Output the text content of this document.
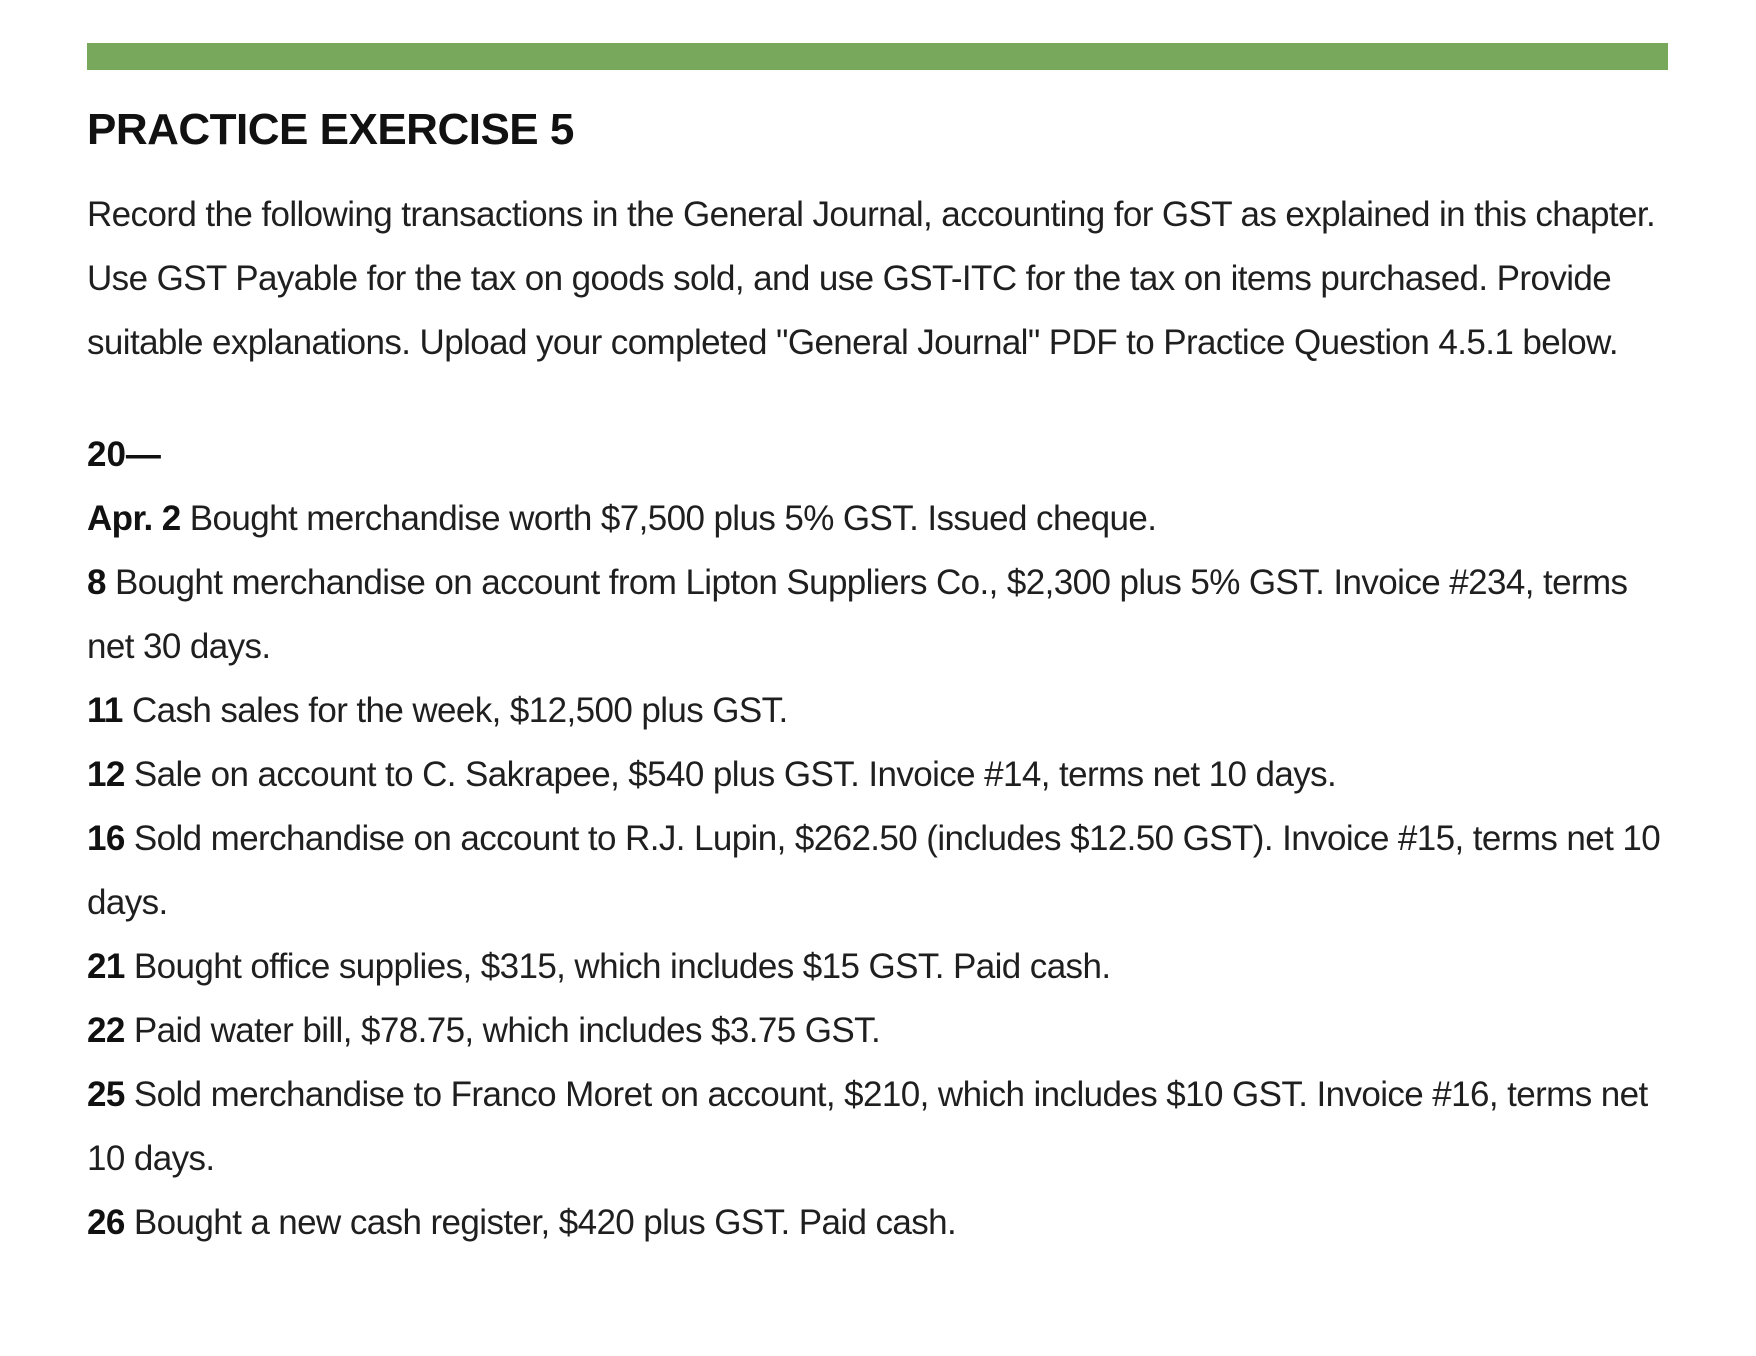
PRACTICE EXERCISE 5

Record the following transactions in the General Journal, accounting for GST as explained in this chapter. Use GST Payable for the tax on goods sold, and use GST-ITC for the tax on items purchased. Provide suitable explanations. Upload your completed "General Journal" PDF to Practice Question 4.5.1 below.

20—
Apr. 2 Bought merchandise worth $7,500 plus 5% GST. Issued cheque.
8 Bought merchandise on account from Lipton Suppliers Co., $2,300 plus 5% GST. Invoice #234, terms net 30 days.
11 Cash sales for the week, $12,500 plus GST.
12 Sale on account to C. Sakrapee, $540 plus GST. Invoice #14, terms net 10 days.
16 Sold merchandise on account to R.J. Lupin, $262.50 (includes $12.50 GST). Invoice #15, terms net 10 days.
21 Bought office supplies, $315, which includes $15 GST. Paid cash.
22 Paid water bill, $78.75, which includes $3.75 GST.
25 Sold merchandise to Franco Moret on account, $210, which includes $10 GST. Invoice #16, terms net 10 days.
26 Bought a new cash register, $420 plus GST. Paid cash.
